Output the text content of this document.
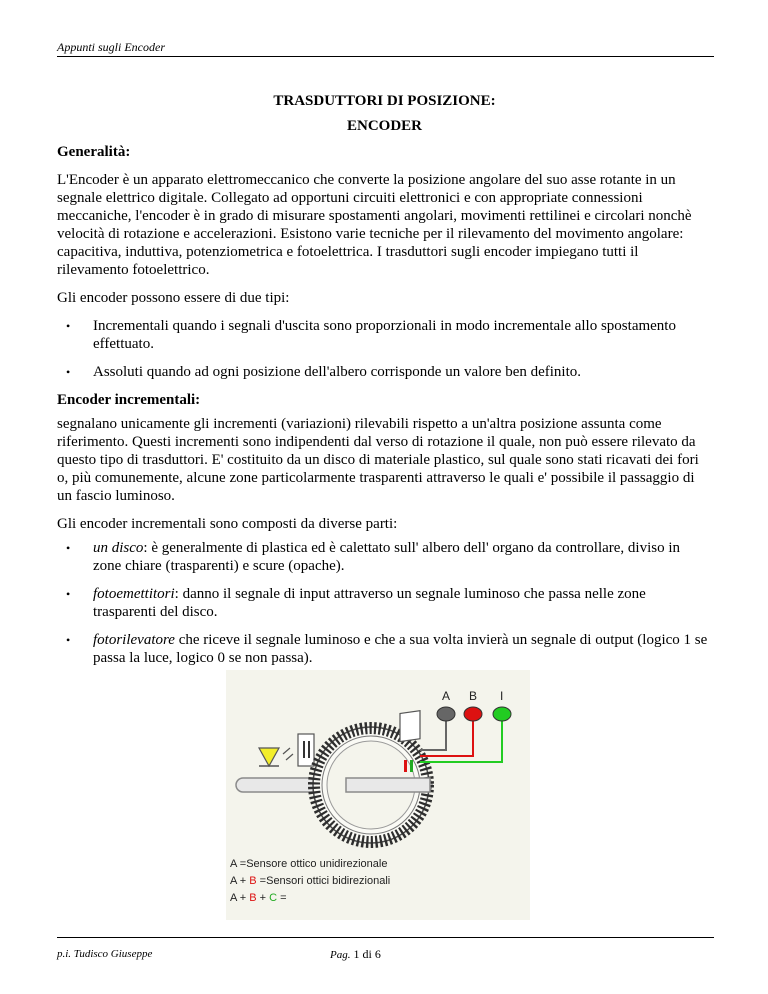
Appunti sugli Encoder

TRASDUTTORI DI POSIZIONE:

ENCODER

Generalità:

L'Encoder è un apparato elettromeccanico che converte la posizione angolare del suo asse rotante in un segnale elettrico digitale. Collegato ad opportuni circuiti elettronici e con appropriate connessioni meccaniche, l'encoder è in grado di misurare spostamenti angolari, movimenti rettilinei e circolari nonchè velocità di rotazione e accelerazioni. Esistono varie tecniche per il rilevamento del movimento angolare: capacitiva, induttiva, potenziometrica e fotoelettrica. I trasduttori sugli encoder impiegano tutti il rilevamento fotoelettrico.

Gli encoder possono essere di due tipi:

• Incrementali quando i segnali d'uscita sono proporzionali in modo incrementale allo spostamento effettuato.
• Assoluti quando ad ogni posizione dell'albero corrisponde un valore ben definito.
Encoder incrementali:

segnalano unicamente gli incrementi (variazioni) rilevabili rispetto a un'altra posizione assunta come riferimento. Questi incrementi sono indipendenti dal verso di rotazione il quale, non può essere rilevato da questo tipo di trasduttori. E' costituito da un disco di materiale plastico, sul quale sono stati ricavati dei fori o, più comunemente, alcune zone particolarmente trasparenti attraverso le quali e' possibile il passaggio di un fascio luminoso.

Gli encoder incrementali sono composti da diverse parti:

• un disco: è generalmente di plastica ed è calettato sull' albero dell' organo da controllare, diviso in zone chiare (trasparenti) e scure (opache).
• fotoemettitori: danno il segnale di input attraverso un segnale luminoso che passa nelle zone trasparenti del disco.
• fotorilevatore che riceve il segnale luminoso e che a sua volta invierà un segnale di output (logico 1 se passa la luce, logico 0 se non passa).
A B I
A =Sensore ottico unidirezionale
A + B =Sensori ottici bidirezionali
A + B + C =
p.i. Tudisco Giuseppe	Pag. 1 di 6
